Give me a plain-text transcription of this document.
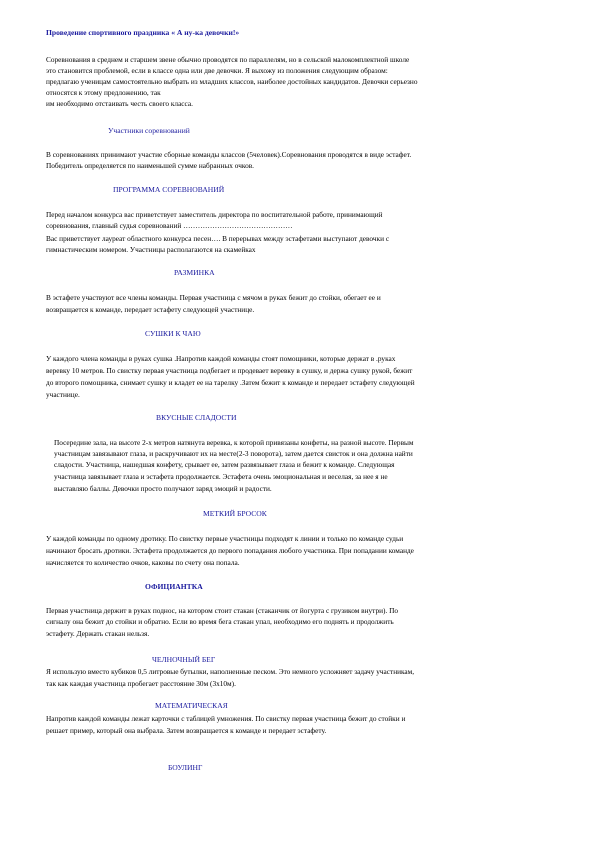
Проведение спортивного праздника « А ну-ка девочки!»
Соревнования в среднем и старшем звене обычно проводятся по параллелям, но в сельской малокомплектной школе
это становится проблемой, если в классе одна или две девочки. Я выхожу из положения следующим образом:
предлагаю ученицам самостоятельно выбрать из младших классов, наиболее достойных кандидатов. Девочки серьезно
относятся к этому предложению, так
им необходимо отстаивать честь своего класса.
Участники соревнований
В соревнованиях принимают участие сборные команды классов (5человек).Соревнования проводятся в виде эстафет.
Победитель определяется по наименьшей сумме набранных очков.
ПРОГРАММА СОРЕВНОВАНИЙ
Перед началом конкурса вас приветствует заместитель директора по воспитательной работе, принимающий
соревнования, главный судья соревнований ………………………………………
Вас приветствует лауреат областного конкурса песен…. В перерывах между эстафетами выступают девочки с
гимнастическим номером. Участницы располагаются на скамейках
РАЗМИНКА
В эстафете участвуют все члены команды. Первая участница с мячом в руках бежит до стойки, обегает ее и
возвращается к команде, передает эстафету следующей участнице.
СУШКИ К ЧАЮ
У каждого члена команды в руках сушка .Напротив каждой команды стоят помощники, которые держат в .руках
веревку 10 метров. По свистку первая участница подбегает и продевает веревку в сушку, и держа сушку рукой, бежит
до второго помощника, снимает сушку и кладет ее на тарелку .Затем бежит к команде и передает эстафету следующей
участнице.
ВКУСНЫЕ СЛАДОСТИ
Посередине зала, на высоте 2-х метров натянута веревка, к которой привязаны конфеты, на разной высоте. Первым
участницам завязывают глаза, и раскручивают их на месте(2-3 поворота), затем дается свисток и она должна найти
сладости. Участница, нашедшая конфету, срывает ее, затем развязывает глаза и бежит к команде. Следующая
участница завязывает глаза и эстафета продолжается. Эстафета очень эмоциональная и веселая, за нее я не
выставляю баллы. Девочки просто получают заряд эмоций и радости.
МЕТКИЙ БРОСОК
У каждой команды по одному дротику. По свистку первые участницы подходят к линии и только по команде судьи
начинают бросать дротики. Эстафета продолжается до первого попадания любого участника. При попадании команде
начисляется то количество очков, каковы по счету она попала.
ОФИЦИАНТКА
Первая участница держит в руках поднос, на котором стоит стакан (стаканчик от йогурта с грузиком внутри). По
сигналу она бежит до стойки и обратно. Если во время бега стакан упал, необходимо его поднять и продолжить
эстафету. Держать стакан нельзя.
ЧЕЛНОЧНЫЙ БЕГ
Я использую вместо кубиков 0,5 литровые бутылки, наполненные песком. Это немного усложняет задачу участникам,
так как каждая участница пробегает расстояние 30м (3х10м).
МАТЕМАТИЧЕСКАЯ
Напротив каждой команды лежат карточки с таблицей умножения. По свистку первая участница бежит до стойки и
решает пример, который она выбрала. Затем возвращается к команде и передает эстафету.
БОУЛИНГ
